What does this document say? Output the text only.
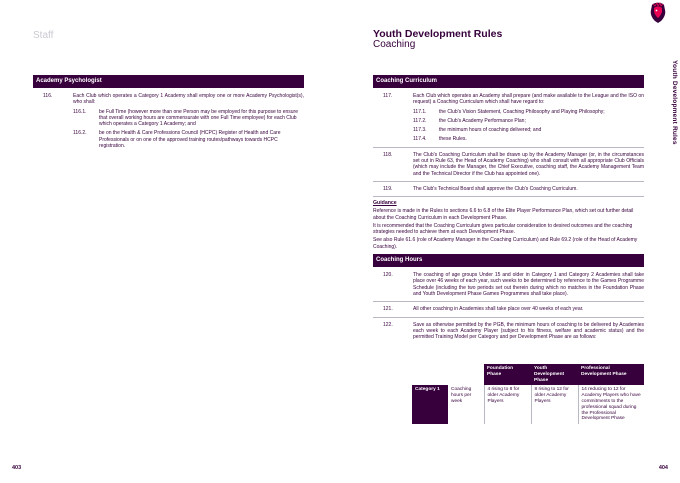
Staff
Academy Psychologist
116.	Each Club which operates a Category 1 Academy shall employ one or more Academy Psychologist(s), who shall:
116.1. be Full Time (however more than one Person may be employed for this purpose to ensure that overall working hours are commensurate with one Full Time employee) for each Club which operates a Category 1 Academy; and
116.2. be on the Health & Care Professions Council (HCPC) Register of Health and Care Professionals or on one of the approved training routes/pathways towards HCPC registration.
403
Youth Development Rules
Coaching
Youth Development Rules
Coaching Curriculum
117.	Each Club which operates an Academy shall prepare (and make available to the League and the ISO on request) a Coaching Curriculum which shall have regard to:
117.1. the Club's Vision Statement, Coaching Philosophy and Playing Philosophy;
117.2. the Club's Academy Performance Plan;
117.3. the minimum hours of coaching delivered; and
117.4. these Rules.
118.	The Club's Coaching Curriculum shall be drawn up by the Academy Manager (or, in the circumstances set out in Rule 63, the Head of Academy Coaching) who shall consult with all appropriate Club Officials (which may include the Manager, the Chief Executive, coaching staff, the Academy Management Team and the Technical Director if the Club has appointed one).
119.	The Club's Technical Board shall approve the Club's Coaching Curriculum.
Guidance
Reference is made in the Rules to sections 6.6 to 6.8 of the Elite Player Performance Plan, which set out further detail about the Coaching Curriculum in each Development Phase.
It is recommended that the Coaching Curriculum gives particular consideration to desired outcomes and the coaching strategies needed to achieve them at each Development Phase.
See also Rule 61.6 (role of Academy Manager in the Coaching Curriculum) and Rule 69.2 (role of the Head of Academy Coaching).
Coaching Hours
120.	The coaching of age groups Under 15 and older in Category 1 and Category 2 Academies shall take place over 46 weeks of each year, such weeks to be determined by reference to the Games Programme Schedule (including the two periods set out therein during which no matches in the Foundation Phase and Youth Development Phase Games Programmes shall take place).
121.	All other coaching in Academies shall take place over 40 weeks of each year.
122.	Save as otherwise permitted by the PGB, the minimum hours of coaching to be delivered by Academies each week to each Academy Player (subject to his fitness, welfare and academic status) and the permitted Training Model per Category and per Development Phase are as follows:
		Foundation Phase	Youth Development Phase	Professional Development Phase
Category 1	Coaching hours per week	4 rising to 8 for older Academy Players	8 rising to 12 for older Academy Players	14 reducing to 12 for Academy Players who have commitments to the professional squad during the Professional Development Phase
404
